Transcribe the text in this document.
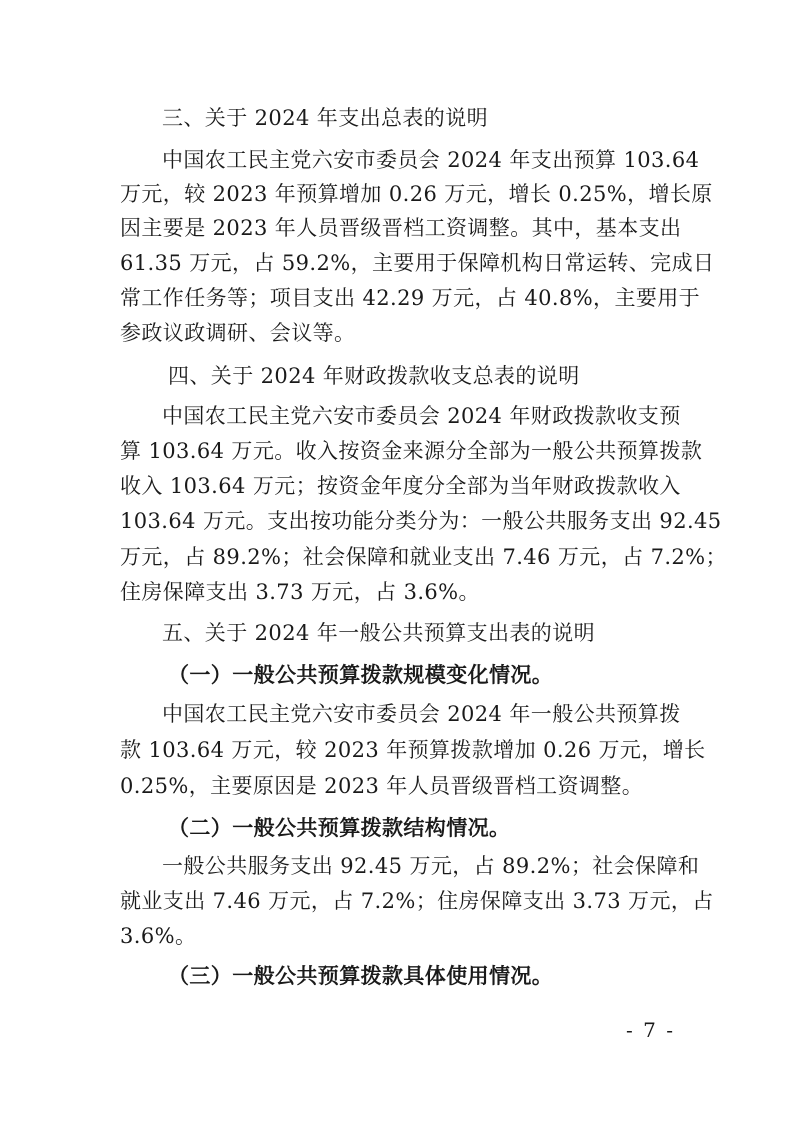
三、关于 2024 年支出总表的说明
中国农工民主党六安市委员会 2024 年支出预算 103.64
万元，较 2023 年预算增加 0.26 万元，增长 0.25%，增长原
因主要是 2023 年人员晋级晋档工资调整。其中，基本支出
61.35 万元，占 59.2%，主要用于保障机构日常运转、完成日
常工作任务等；项目支出 42.29 万元，占 40.8%，主要用于
参政议政调研、会议等。
四、关于 2024 年财政拨款收支总表的说明
中国农工民主党六安市委员会 2024 年财政拨款收支预
算 103.64 万元。收入按资金来源分全部为一般公共预算拨款
收入 103.64 万元；按资金年度分全部为当年财政拨款收入
103.64 万元。支出按功能分类分为：一般公共服务支出 92.45
万元，占 89.2%；社会保障和就业支出 7.46 万元，占 7.2%；
住房保障支出 3.73 万元，占 3.6%。
五、关于 2024 年一般公共预算支出表的说明
（一）一般公共预算拨款规模变化情况。
中国农工民主党六安市委员会 2024 年一般公共预算拨
款 103.64 万元，较 2023 年预算拨款增加 0.26 万元，增长
0.25%，主要原因是 2023 年人员晋级晋档工资调整。
（二）一般公共预算拨款结构情况。
一般公共服务支出 92.45 万元，占 89.2%；社会保障和
就业支出 7.46 万元，占 7.2%；住房保障支出 3.73 万元，占
3.6%。
（三）一般公共预算拨款具体使用情况。
- 7 -
